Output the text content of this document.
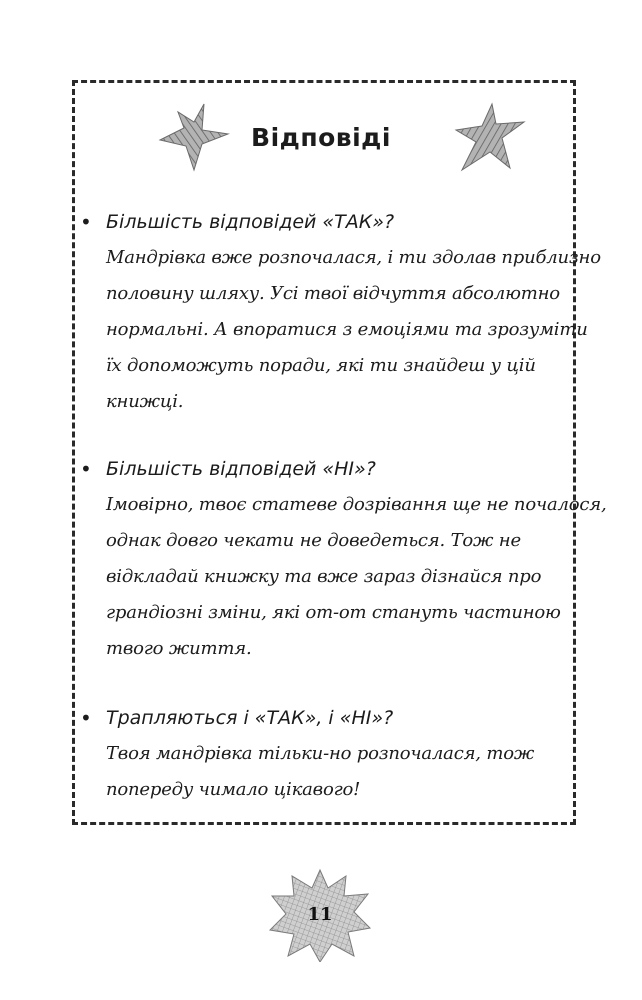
Відповіді
• Більшість відповідей «ТАК»?
Мандрівка вже розпочалася, і ти здолав приблизно
половину шляху. Усі твої відчуття абсолютно
нормальні. А впоратися з емоціями та зрозуміти
їх допоможуть поради, які ти знайдеш у цій
книжці.
• Більшість відповідей «НІ»?
Імовірно, твоє статеве дозрівання ще не почалося,
однак довго чекати не доведеться. Тож не
відкладай книжку та вже зараз дізнайся про
грандіозні зміни, які от-от стануть частиною
твого життя.
• Трапляються і «ТАК», і «НІ»?
Твоя мандрівка тільки-но розпочалася, тож
попереду чимало цікавого!
11
